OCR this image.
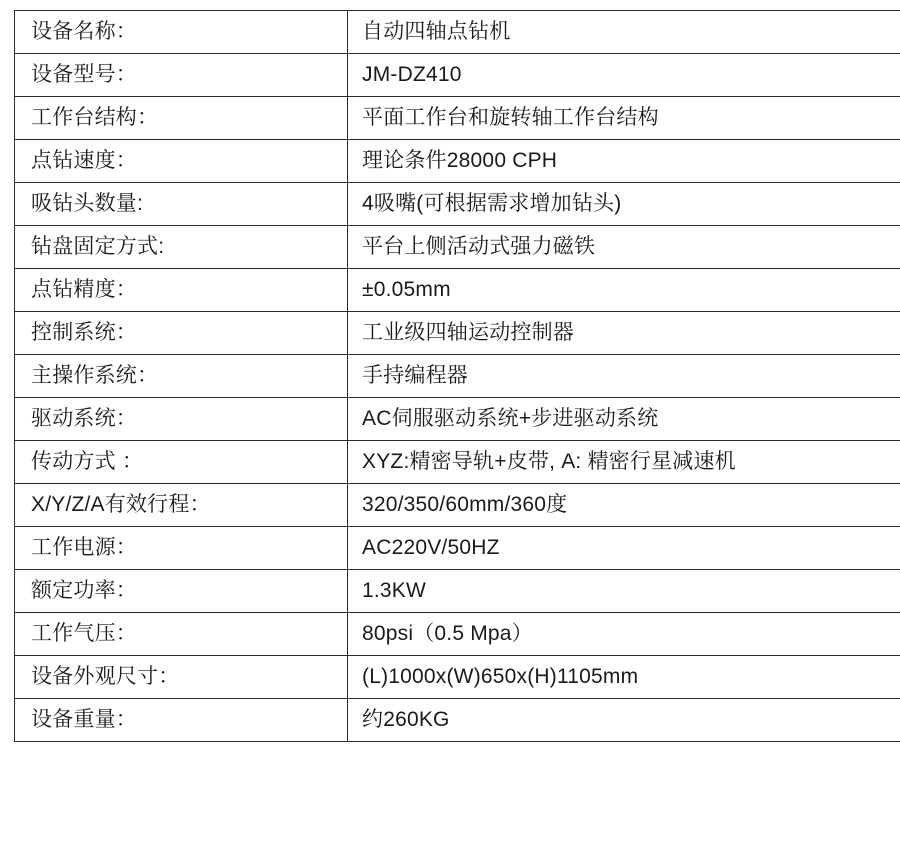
设备名称：	自动四轴点钻机
设备型号：	JM-DZ410
工作台结构：	平面工作台和旋转轴工作台结构
点钻速度：	理论条件28000 CPH
吸钻头数量:	4吸嘴(可根据需求增加钻头)
钻盘固定方式:	平台上侧活动式强力磁铁
点钻精度：	±0.05mm
控制系统：	工业级四轴运动控制器
主操作系统：	手持编程器
驱动系统：	AC伺服驱动系统+步进驱动系统
传动方式 ：	XYZ:精密导轨+皮带, A: 精密行星减速机
X/Y/Z/A有效行程：	320/350/60mm/360度
工作电源：	AC220V/50HZ
额定功率：	1.3KW
工作气压：	80psi（0.5 Mpa）
设备外观尺寸：	(L)1000x(W)650x(H)1105mm
设备重量：	约260KG
